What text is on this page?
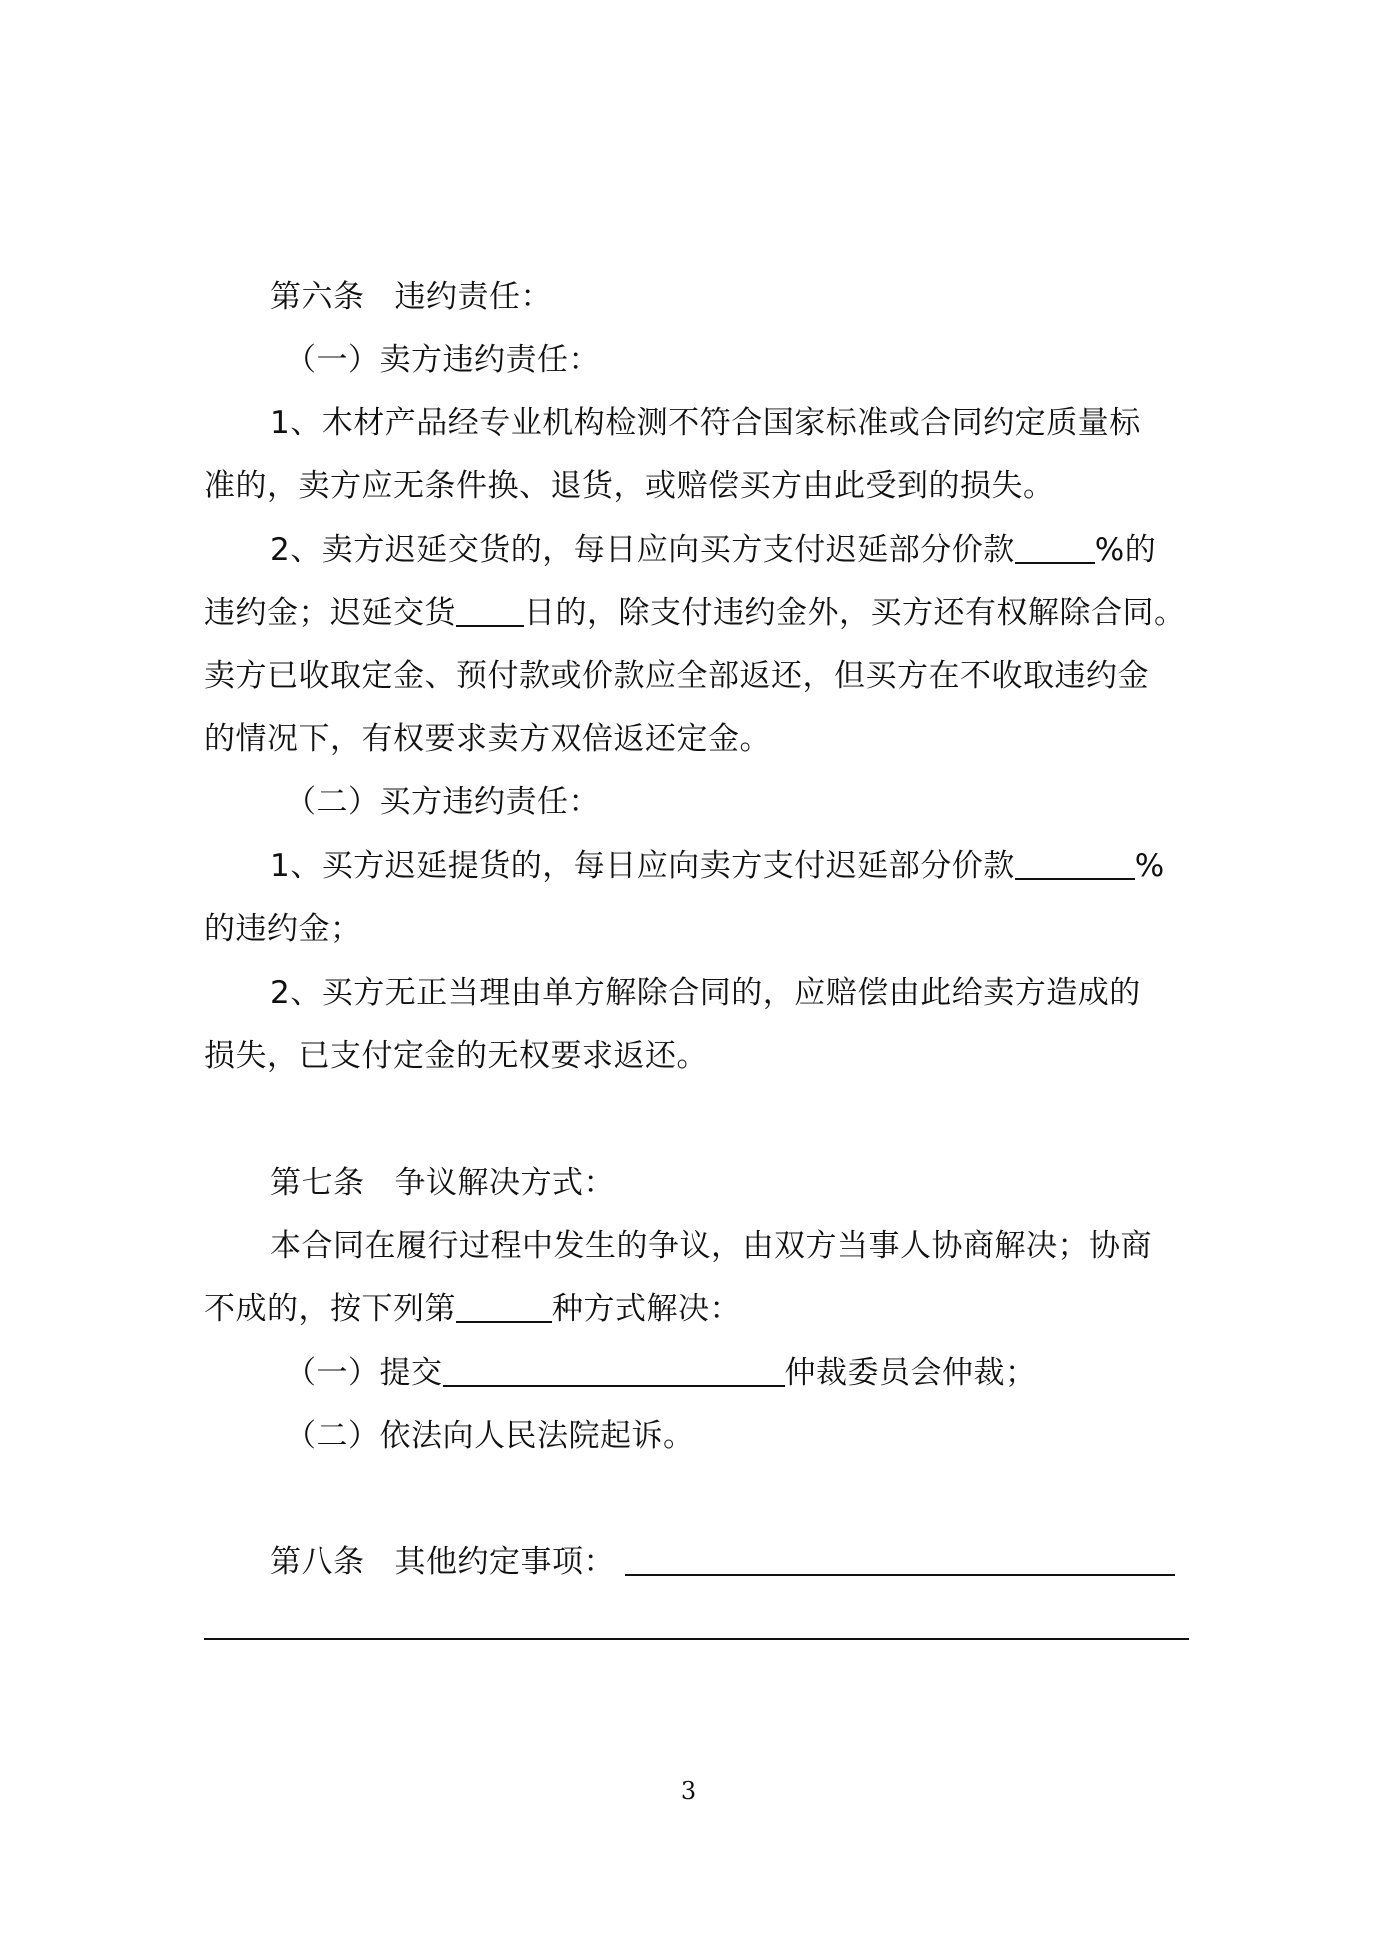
第六条 违约责任：
（一）卖方违约责任：
1、木材产品经专业机构检测不符合国家标准或合同约定质量标
准的，卖方应无条件换、退货，或赔偿买方由此受到的损失。
2、卖方迟延交货的，每日应向买方支付迟延部分价款	%的
违约金；迟延交货 日的，除支付违约金外，买方还有权解除合同。
卖方已收取定金、预付款或价款应全部返还，但买方在不收取违约金
的情况下，有权要求卖方双倍返还定金。
（二）买方违约责任：
1、买方迟延提货的，每日应向卖方支付迟延部分价款	%
的违约金；
2、买方无正当理由单方解除合同的，应赔偿由此给卖方造成的
损失，已支付定金的无权要求返还。
第七条 争议解决方式：
本合同在履行过程中发生的争议，由双方当事人协商解决；协商
不成的，按下列第	种方式解决：
（一）提交	仲裁委员会仲裁；
（二）依法向人民法院起诉。
第八条 其他约定事项：
3
